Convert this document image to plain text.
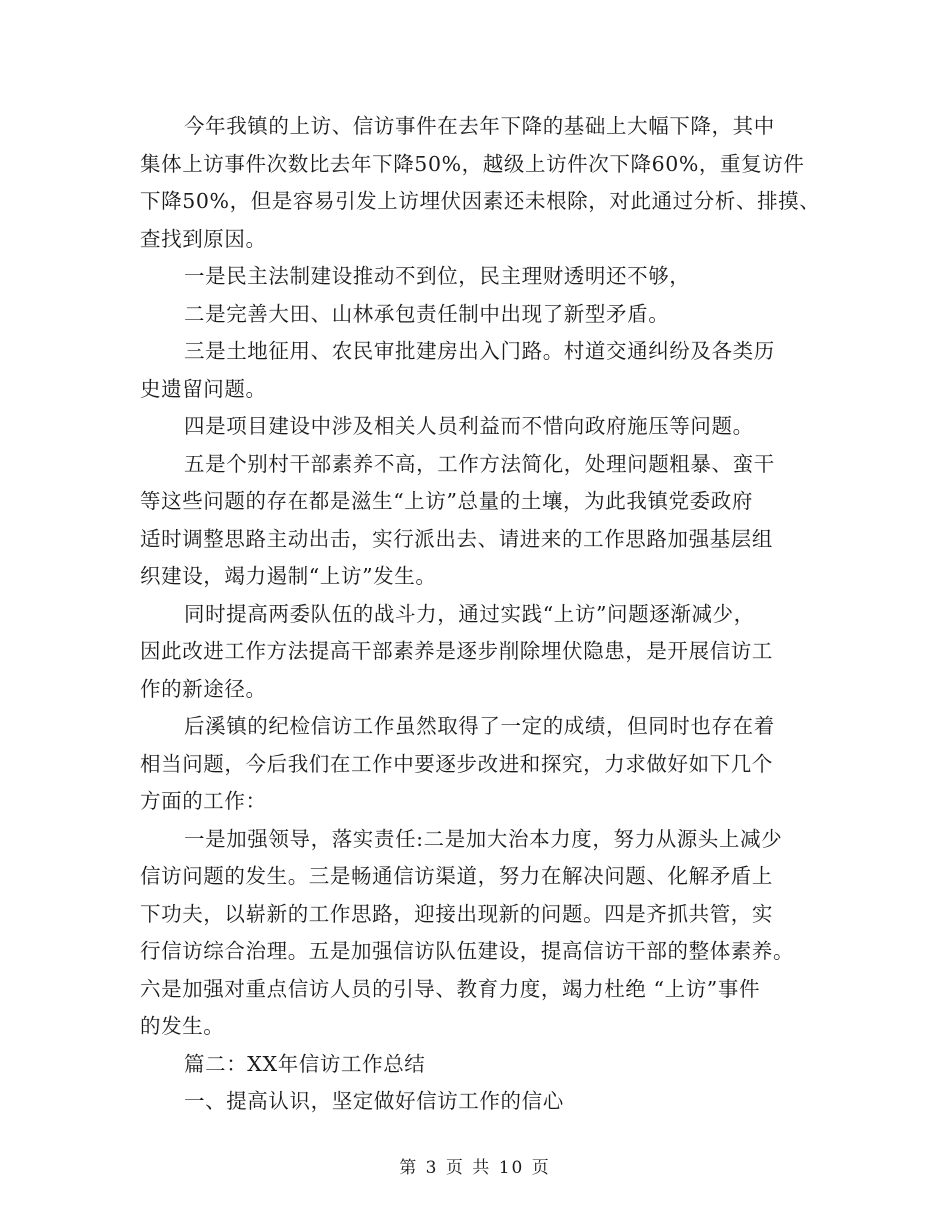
今年我镇的上访、信访事件在去年下降的基础上大幅下降，其中
集体上访事件次数比去年下降50%，越级上访件次下降60%，重复访件
下降50%，但是容易引发上访埋伏因素还未根除，对此通过分析、排摸、
查找到原因。

一是民主法制建设推动不到位，民主理财透明还不够，

二是完善大田、山林承包责任制中出现了新型矛盾。

三是土地征用、农民审批建房出入门路。村道交通纠纷及各类历
史遗留问题。

四是项目建设中涉及相关人员利益而不惜向政府施压等问题。

五是个别村干部素养不高，工作方法简化，处理问题粗暴、蛮干
等这些问题的存在都是滋生“上访”总量的土壤，为此我镇党委政府
适时调整思路主动出击，实行派出去、请进来的工作思路加强基层组
织建设，竭力遏制“上访”发生。

同时提高两委队伍的战斗力，通过实践“上访”问题逐渐减少，
因此改进工作方法提高干部素养是逐步削除埋伏隐患，是开展信访工
作的新途径。

后溪镇的纪检信访工作虽然取得了一定的成绩，但同时也存在着
相当问题，今后我们在工作中要逐步改进和探究，力求做好如下几个
方面的工作：

一是加强领导，落实责任:二是加大治本力度，努力从源头上减少
信访问题的发生。三是畅通信访渠道，努力在解决问题、化解矛盾上
下功夫，以崭新的工作思路，迎接出现新的问题。四是齐抓共管，实
行信访综合治理。五是加强信访队伍建设，提高信访干部的整体素养。
六是加强对重点信访人员的引导、教育力度，竭力杜绝 “上访”事件
的发生。

篇二：XX年信访工作总结

一、提高认识，坚定做好信访工作的信心

第 3 页 共 10 页
